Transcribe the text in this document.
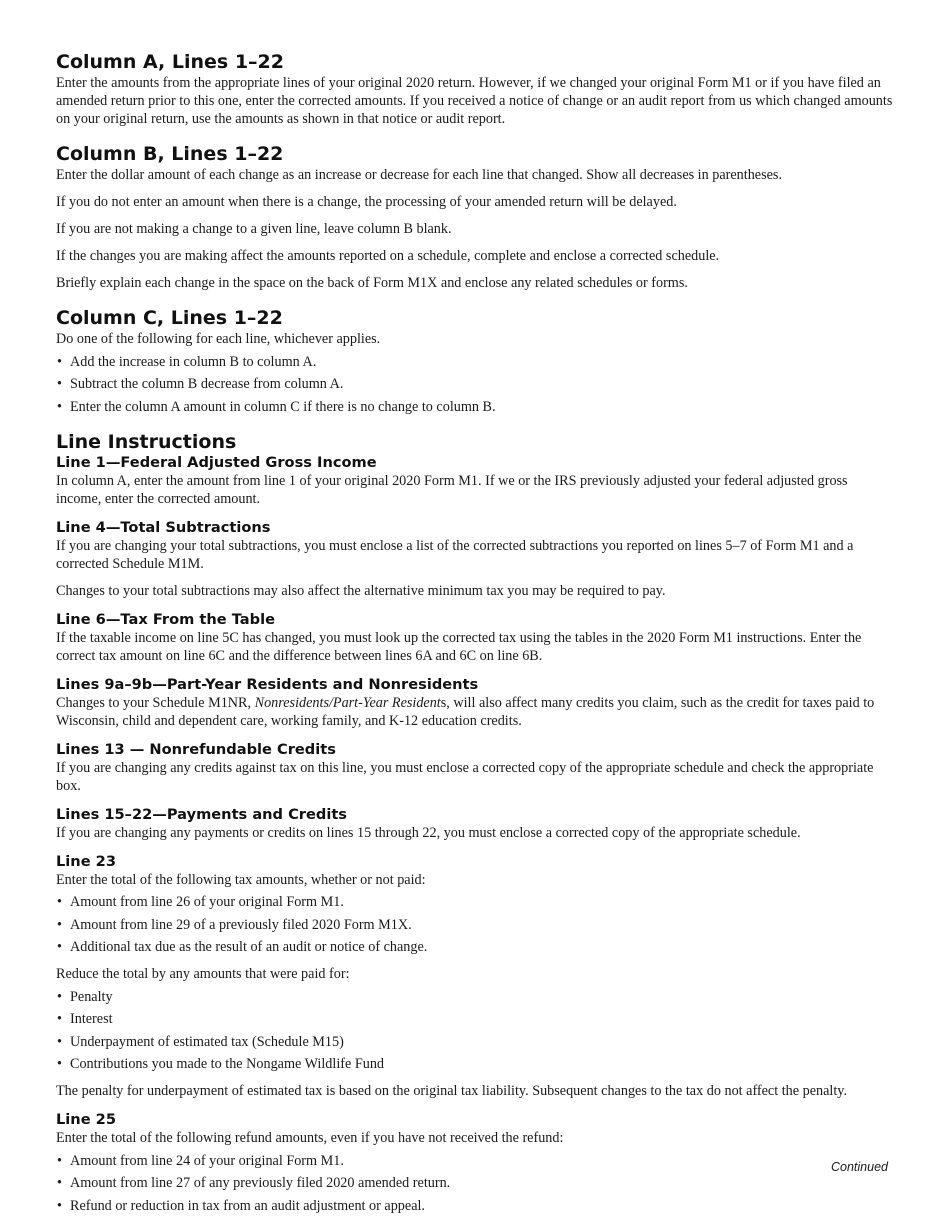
Column A, Lines 1–22

Enter the amounts from the appropriate lines of your original 2020 return. However, if we changed your original Form M1 or if you have filed an amended return prior to this one, enter the corrected amounts. If you received a notice of change or an audit report from us which changed amounts on your original return, use the amounts as shown in that notice or audit report.

Column B, Lines 1–22

Enter the dollar amount of each change as an increase or decrease for each line that changed. Show all decreases in parentheses.

If you do not enter an amount when there is a change, the processing of your amended return will be delayed.

If you are not making a change to a given line, leave column B blank.

If the changes you are making affect the amounts reported on a schedule, complete and enclose a corrected schedule.

Briefly explain each change in the space on the back of Form M1X and enclose any related schedules or forms.

Column C, Lines 1–22

Do one of the following for each line, whichever applies.

• Add the increase in column B to column A.
• Subtract the column B decrease from column A.
• Enter the column A amount in column C if there is no change to column B.
Line Instructions
Line 1—Federal Adjusted Gross Income

In column A, enter the amount from line 1 of your original 2020 Form M1. If we or the IRS previously adjusted your federal adjusted gross income, enter the corrected amount.

Line 4—Total Subtractions

If you are changing your total subtractions, you must enclose a list of the corrected subtractions you reported on lines 5–7 of Form M1 and a corrected Schedule M1M.

Changes to your total subtractions may also affect the alternative minimum tax you may be required to pay.

Line 6—Tax From the Table

If the taxable income on line 5C has changed, you must look up the corrected tax using the tables in the 2020 Form M1 instructions. Enter the correct tax amount on line 6C and the difference between lines 6A and 6C on line 6B.

Lines 9a–9b—Part-Year Residents and Nonresidents

Changes to your Schedule M1NR, Nonresidents/Part-Year Residents, will also affect many credits you claim, such as the credit for taxes paid to Wisconsin, child and dependent care, working family, and K-12 education credits.

Lines 13 — Nonrefundable Credits

If you are changing any credits against tax on this line, you must enclose a corrected copy of the appropriate schedule and check the appropriate box.

Lines 15–22—Payments and Credits

If you are changing any payments or credits on lines 15 through 22, you must enclose a corrected copy of the appropriate schedule.

Line 23

Enter the total of the following tax amounts, whether or not paid:

• Amount from line 26 of your original Form M1.
• Amount from line 29 of a previously filed 2020 Form M1X.
• Additional tax due as the result of an audit or notice of change.

Reduce the total by any amounts that were paid for:

• Penalty
• Interest
• Underpayment of estimated tax (Schedule M15)
• Contributions you made to the Nongame Wildlife Fund

The penalty for underpayment of estimated tax is based on the original tax liability. Subsequent changes to the tax do not affect the penalty.

Line 25

Enter the total of the following refund amounts, even if you have not received the refund:

• Amount from line 24 of your original Form M1.
• Amount from line 27 of any previously filed 2020 amended return.
• Refund or reduction in tax from an audit adjustment or appeal.
Continued
